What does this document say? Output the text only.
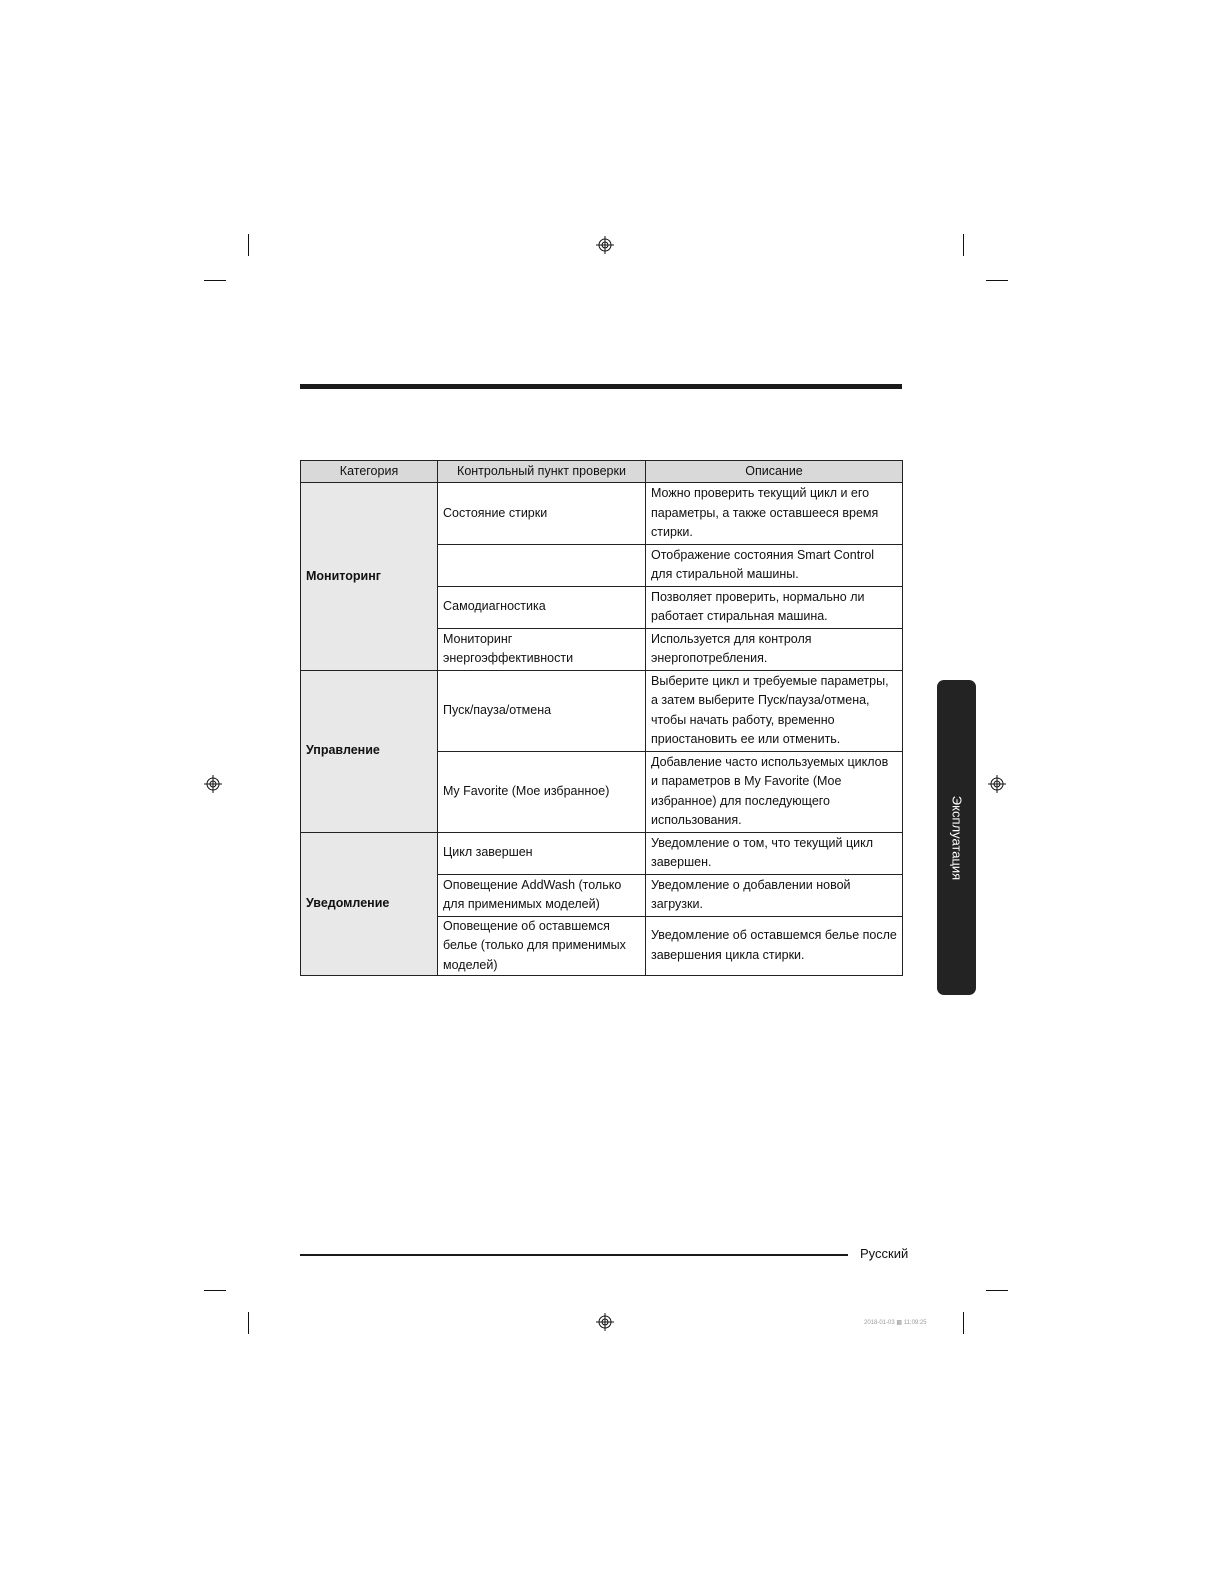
Категория	Контрольный пункт проверки	Описание
Мониторинг	Состояние стирки	Можно проверить текущий цикл и его параметры, а также оставшееся время стирки.
		Отображение состояния Smart Control для стиральной машины.
	Самодиагностика	Позволяет проверить, нормально ли работает стиральная машина.
	Мониторинг энергоэффективности	Используется для контроля энергопотребления.
Управление	Пуск/пауза/отмена	Выберите цикл и требуемые параметры, а затем выберите Пуск/пауза/отмена, чтобы начать работу, временно приостановить ее или отменить.
	My Favorite (Мое избранное)	Добавление часто используемых циклов и параметров в My Favorite (Мое избранное) для последующего использования.
Уведомление	Цикл завершен	Уведомление о том, что текущий цикл завершен.
	Оповещение AddWash (только для применимых моделей)	Уведомление о добавлении новой загрузки.
	Оповещение об оставшемся белье (только для применимых моделей)	Уведомление об оставшемся белье после завершения цикла стирки.
Эксплуатация
Русский
2018-01-03 ▩ 11:09:25
